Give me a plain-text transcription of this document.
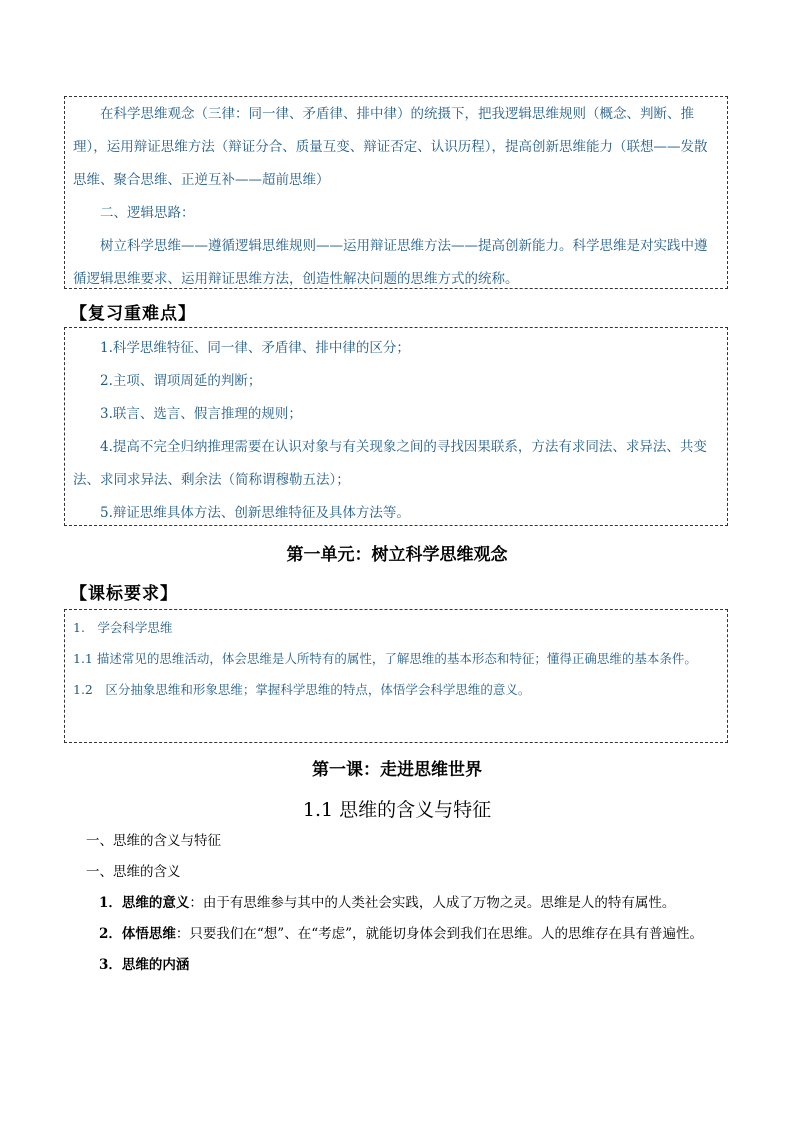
在科学思维观念（三律：同一律、矛盾律、排中律）的统摄下，把我逻辑思维规则（概念、判断、推理），运用辩证思维方法（辩证分合、质量互变、辩证否定、认识历程），提高创新思维能力（联想——发散思维、聚合思维、正逆互补——超前思维）

二、逻辑思路：

树立科学思维——遵循逻辑思维规则——运用辩证思维方法——提高创新能力。科学思维是对实践中遵循逻辑思维要求、运用辩证思维方法，创造性解决问题的思维方式的统称。

【复习重难点】

1.科学思维特征、同一律、矛盾律、排中律的区分；

2.主项、谓项周延的判断；

3.联言、选言、假言推理的规则；

4.提高不完全归纳推理需要在认识对象与有关现象之间的寻找因果联系，方法有求同法、求异法、共变法、求同求异法、剩余法（简称谓穆勒五法）；

5.辩证思维具体方法、创新思维特征及具体方法等。

第一单元：树立科学思维观念
【课标要求】

1.　学会科学思维

1.1 描述常见的思维活动，体会思维是人所特有的属性，了解思维的基本形态和特征；懂得正确思维的基本条件。

1.2　区分抽象思维和形象思维；掌握科学思维的特点，体悟学会科学思维的意义。

第一课：走进思维世界
1.1 思维的含义与特征

一、思维的含义与特征

一、思维的含义

1．思维的意义：由于有思维参与其中的人类社会实践，人成了万物之灵。思维是人的特有属性。

2．体悟思维：只要我们在“想”、在“考虑”，就能切身体会到我们在思维。人的思维存在具有普遍性。

3．思维的内涵
